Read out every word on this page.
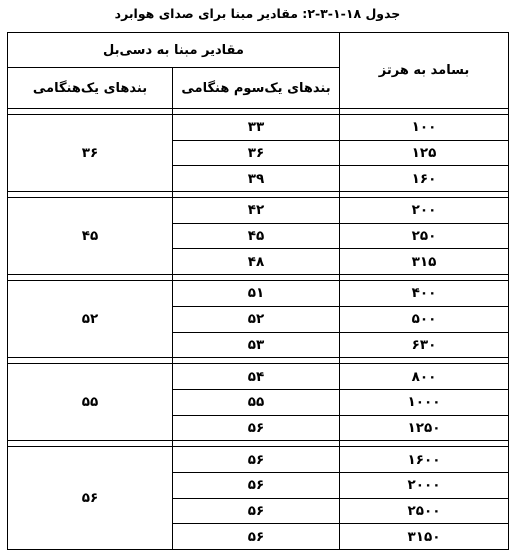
جدول ۱۸-۱-۳-۲: مقادیر مبنا برای صدای هوابرد
بسامد به هرتز	مقادیر مبنا به دسی‌بل	
	بندهای یک‌سوم هنگامی	بندهای یک‌هنگامی

۱۰۰	۳۳	۳۶
۱۲۵	۳۶	
۱۶۰	۳۹	

۲۰۰	۴۲	۴۵
۲۵۰	۴۵	
۳۱۵	۴۸	

۴۰۰	۵۱	۵۲
۵۰۰	۵۲	
۶۳۰	۵۳	

۸۰۰	۵۴	۵۵
۱۰۰۰	۵۵	
۱۲۵۰	۵۶	

۱۶۰۰	۵۶	۵۶
۲۰۰۰	۵۶	
۲۵۰۰	۵۶	
۳۱۵۰	۵۶	
